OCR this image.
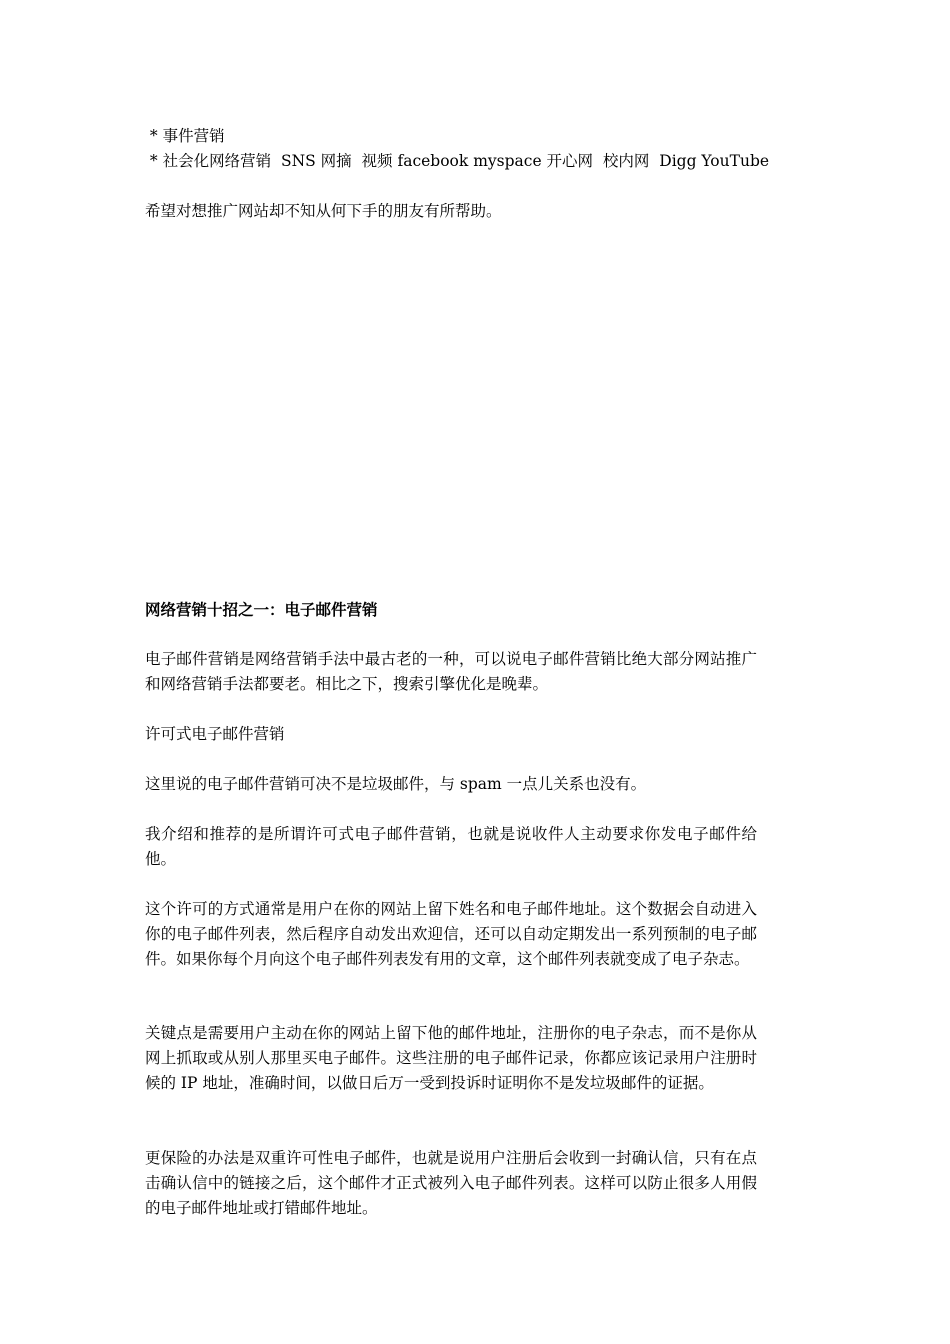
* 事件营销
* 社会化网络营销  SNS 网摘  视频 facebook myspace 开心网  校内网  Digg YouTube
希望对想推广网站却不知从何下手的朋友有所帮助。
网络营销十招之一：电子邮件营销
电子邮件营销是网络营销手法中最古老的一种，可以说电子邮件营销比绝大部分网站推广和网络营销手法都要老。相比之下，搜索引擎优化是晚辈。
许可式电子邮件营销
这里说的电子邮件营销可决不是垃圾邮件，与 spam 一点儿关系也没有。
我介绍和推荐的是所谓许可式电子邮件营销，也就是说收件人主动要求你发电子邮件给他。
这个许可的方式通常是用户在你的网站上留下姓名和电子邮件地址。这个数据会自动进入你的电子邮件列表，然后程序自动发出欢迎信，还可以自动定期发出一系列预制的电子邮件。如果你每个月向这个电子邮件列表发有用的文章，这个邮件列表就变成了电子杂志。
关键点是需要用户主动在你的网站上留下他的邮件地址，注册你的电子杂志，而不是你从网上抓取或从别人那里买电子邮件。这些注册的电子邮件记录，你都应该记录用户注册时候的 IP 地址，准确时间，以做日后万一受到投诉时证明你不是发垃圾邮件的证据。
更保险的办法是双重许可性电子邮件，也就是说用户注册后会收到一封确认信，只有在点击确认信中的链接之后，这个邮件才正式被列入电子邮件列表。这样可以防止很多人用假的电子邮件地址或打错邮件地址。
